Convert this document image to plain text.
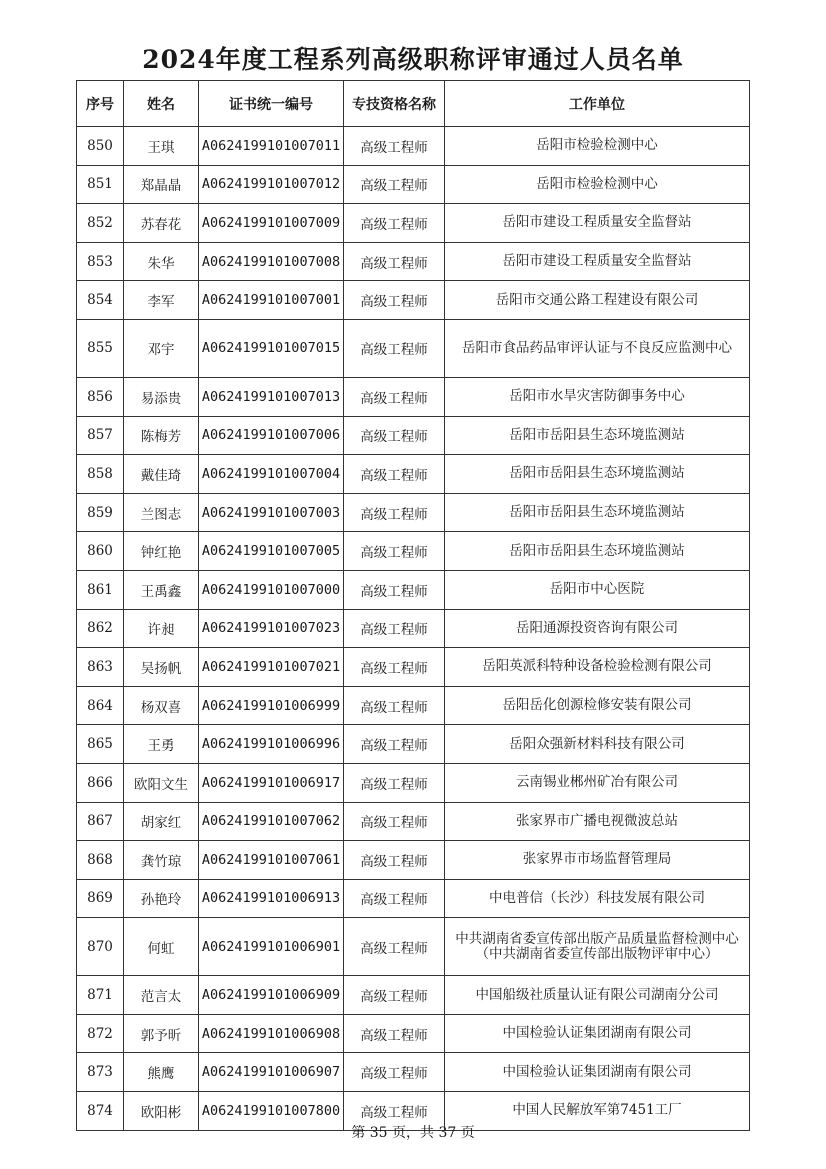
2024年度工程系列高级职称评审通过人员名单
序号	姓名	证书统一编号	专技资格名称	工作单位
850	王琪	A0624199101007011	高级工程师	岳阳市检验检测中心
851	郑晶晶	A0624199101007012	高级工程师	岳阳市检验检测中心
852	苏春花	A0624199101007009	高级工程师	岳阳市建设工程质量安全监督站
853	朱华	A0624199101007008	高级工程师	岳阳市建设工程质量安全监督站
854	李军	A0624199101007001	高级工程师	岳阳市交通公路工程建设有限公司
855	邓宇	A0624199101007015	高级工程师	岳阳市食品药品审评认证与不良反应监测中心
856	易添贵	A0624199101007013	高级工程师	岳阳市水旱灾害防御事务中心
857	陈梅芳	A0624199101007006	高级工程师	岳阳市岳阳县生态环境监测站
858	戴佳琦	A0624199101007004	高级工程师	岳阳市岳阳县生态环境监测站
859	兰图志	A0624199101007003	高级工程师	岳阳市岳阳县生态环境监测站
860	钟红艳	A0624199101007005	高级工程师	岳阳市岳阳县生态环境监测站
861	王禹鑫	A0624199101007000	高级工程师	岳阳市中心医院
862	许昶	A0624199101007023	高级工程师	岳阳通源投资咨询有限公司
863	吴扬帆	A0624199101007021	高级工程师	岳阳英派科特种设备检验检测有限公司
864	杨双喜	A0624199101006999	高级工程师	岳阳岳化创源检修安装有限公司
865	王勇	A0624199101006996	高级工程师	岳阳众强新材料科技有限公司
866	欧阳文生	A0624199101006917	高级工程师	云南锡业郴州矿冶有限公司
867	胡家红	A0624199101007062	高级工程师	张家界市广播电视微波总站
868	龚竹琼	A0624199101007061	高级工程师	张家界市市场监督管理局
869	孙艳玲	A0624199101006913	高级工程师	中电普信（长沙）科技发展有限公司
870	何虹	A0624199101006901	高级工程师	中共湖南省委宣传部出版产品质量监督检测中心（中共湖南省委宣传部出版物评审中心）
871	范言太	A0624199101006909	高级工程师	中国船级社质量认证有限公司湖南分公司
872	郭予昕	A0624199101006908	高级工程师	中国检验认证集团湖南有限公司
873	熊鹰	A0624199101006907	高级工程师	中国检验认证集团湖南有限公司
874	欧阳彬	A0624199101007800	高级工程师	中国人民解放军第7451工厂
第 35 页，共 37 页
